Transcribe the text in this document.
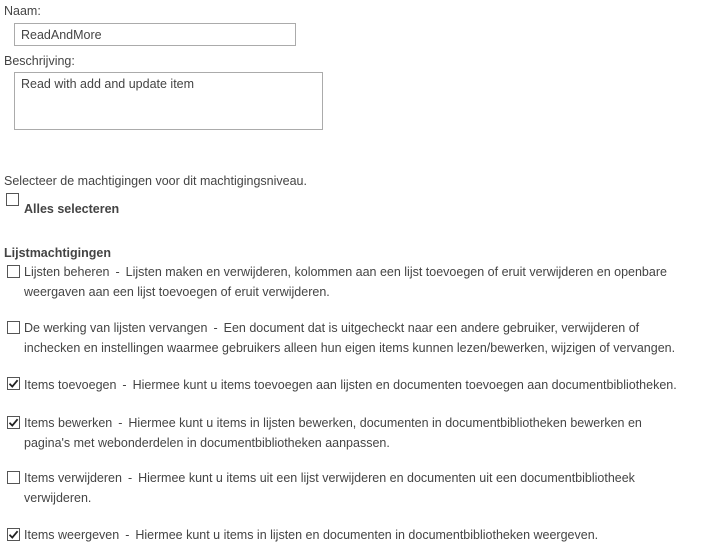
Naam:
ReadAndMore
Beschrijving:
Read with add and update item
Selecteer de machtigingen voor dit machtigingsniveau.
Alles selecteren
Lijstmachtigingen
Lijsten beheren - Lijsten maken en verwijderen, kolommen aan een lijst toevoegen of eruit verwijderen en openbare
weergaven aan een lijst toevoegen of eruit verwijderen.
De werking van lijsten vervangen - Een document dat is uitgecheckt naar een andere gebruiker, verwijderen of
inchecken en instellingen waarmee gebruikers alleen hun eigen items kunnen lezen/bewerken, wijzigen of vervangen.
Items toevoegen - Hiermee kunt u items toevoegen aan lijsten en documenten toevoegen aan documentbibliotheken.
Items bewerken - Hiermee kunt u items in lijsten bewerken, documenten in documentbibliotheken bewerken en
pagina's met webonderdelen in documentbibliotheken aanpassen.
Items verwijderen - Hiermee kunt u items uit een lijst verwijderen en documenten uit een documentbibliotheek
verwijderen.
Items weergeven - Hiermee kunt u items in lijsten en documenten in documentbibliotheken weergeven.
